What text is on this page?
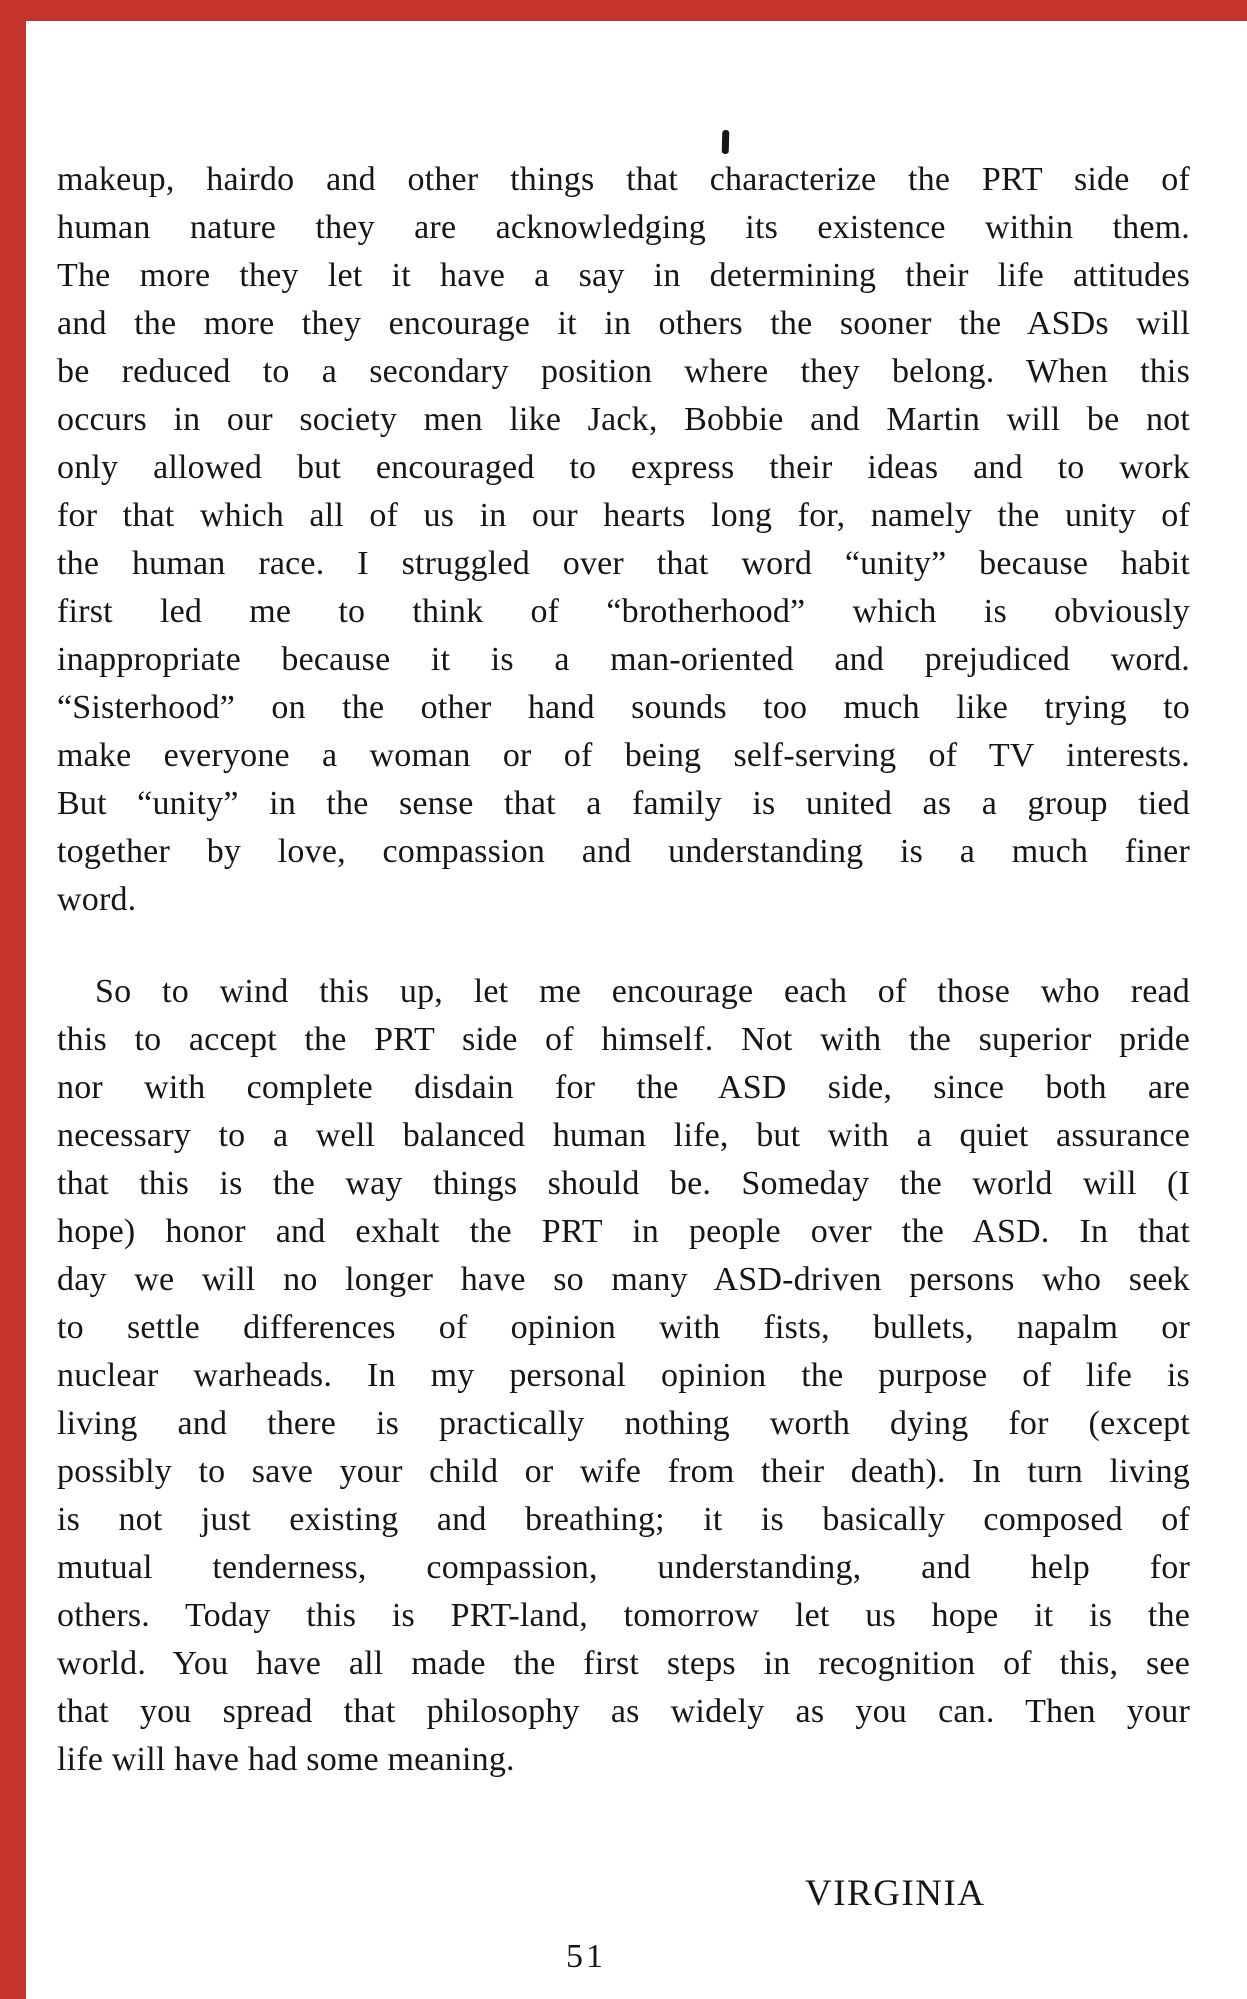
makeup, hairdo and other things that characterize the PRT side of
human nature they are acknowledging its existence within them.
The more they let it have a say in determining their life attitudes
and the more they encourage it in others the sooner the ASDs will
be reduced to a secondary position where they belong. When this
occurs in our society men like Jack, Bobbie and Martin will be not
only allowed but encouraged to express their ideas and to work
for that which all of us in our hearts long for, namely the unity of
the human race. I struggled over that word “unity” because habit
first led me to think of “brotherhood” which is obviously
inappropriate because it is a man-oriented and prejudiced word.
“Sisterhood” on the other hand sounds too much like trying to
make everyone a woman or of being self-serving of TV interests.
But “unity” in the sense that a family is united as a group tied
together by love, compassion and understanding is a much finer
word.
So to wind this up, let me encourage each of those who read
this to accept the PRT side of himself. Not with the superior pride
nor with complete disdain for the ASD side, since both are
necessary to a well balanced human life, but with a quiet assurance
that this is the way things should be. Someday the world will (I
hope) honor and exhalt the PRT in people over the ASD. In that
day we will no longer have so many ASD-driven persons who seek
to settle differences of opinion with fists, bullets, napalm or
nuclear warheads. In my personal opinion the purpose of life is
living and there is practically nothing worth dying for (except
possibly to save your child or wife from their death). In turn living
is not just existing and breathing; it is basically composed of
mutual tenderness, compassion, understanding, and help for
others. Today this is PRT-land, tomorrow let us hope it is the
world. You have all made the first steps in recognition of this, see
that you spread that philosophy as widely as you can. Then your
life will have had some meaning.
VIRGINIA
51
